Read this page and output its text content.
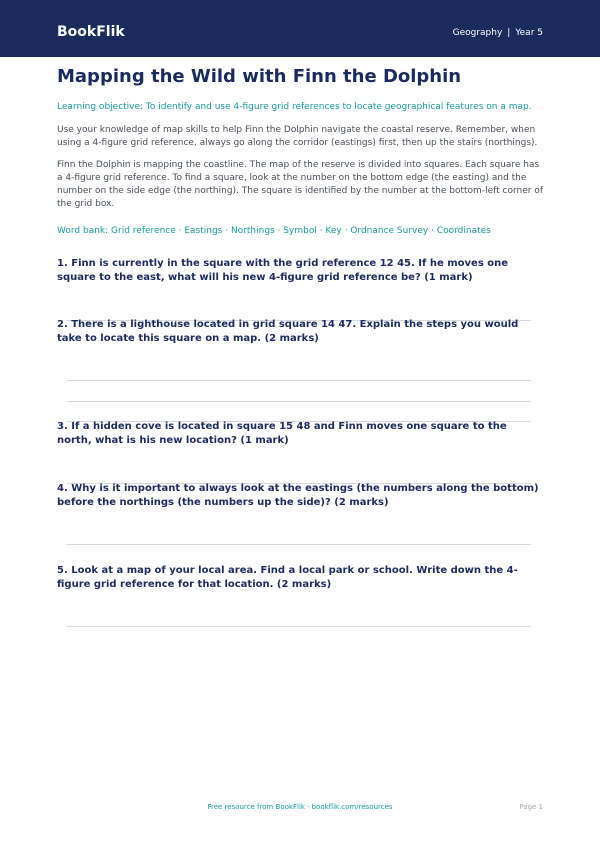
BookFlik	Geography | Year 5
Mapping the Wild with Finn the Dolphin
Learning objective: To identify and use 4-figure grid references to locate geographical features on a map.
Use your knowledge of map skills to help Finn the Dolphin navigate the coastal reserve. Remember, when using a 4-figure grid reference, always go along the corridor (eastings) first, then up the stairs (northings).
Finn the Dolphin is mapping the coastline. The map of the reserve is divided into squares. Each square has a 4-figure grid reference. To find a square, look at the number on the bottom edge (the easting) and the number on the side edge (the northing). The square is identified by the number at the bottom-left corner of the grid box.
Word bank: Grid reference · Eastings · Northings · Symbol · Key · Ordnance Survey · Coordinates
1. Finn is currently in the square with the grid reference 12 45. If he moves one square to the east, what will his new 4-figure grid reference be? (1 mark)
2. There is a lighthouse located in grid square 14 47. Explain the steps you would take to locate this square on a map. (2 marks)
3. If a hidden cove is located in square 15 48 and Finn moves one square to the north, what is his new location? (1 mark)
4. Why is it important to always look at the eastings (the numbers along the bottom) before the northings (the numbers up the side)? (2 marks)
5. Look at a map of your local area. Find a local park or school. Write down the 4-figure grid reference for that location. (2 marks)
Free resource from BookFlik · bookflik.com/resources	Page 1
